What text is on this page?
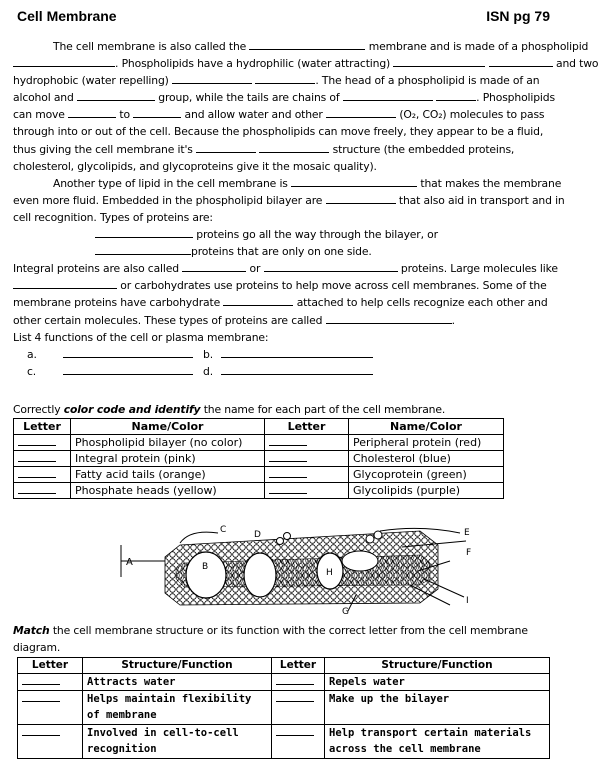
Cell Membrane	ISN pg 79
The cell membrane is also called the	membrane and is made of a phospholipid
. Phospholipids have a hydrophilic (water attracting)	and two
hydrophobic (water repelling)	. The head of a phospholipid is made of an
alcohol and	group, while the tails are chains of	. Phospholipids
can move	to	and allow water and other	(O₂, CO₂) molecules to pass
through into or out of the cell. Because the phospholipids can move freely, they appear to be a fluid,
thus giving the cell membrane it's	structure (the embedded proteins,
cholesterol, glycolipids, and glycoproteins give it the mosaic quality).
Another type of lipid in the cell membrane is	that makes the membrane
even more fluid. Embedded in the phospholipid bilayer are	that also aid in transport and in
cell recognition. Types of proteins are:
proteins go all the way through the bilayer, or
proteins that are only on one side.
Integral proteins are also called	or	proteins. Large molecules like
or carbohydrates use proteins to help move across cell membranes. Some of the
membrane proteins have carbohydrate	attached to help cells recognize each other and
other certain molecules. These types of proteins are called	.
List 4 functions of the cell or plasma membrane:
a.	b.
c.	d.
Correctly color code and identify the name for each part of the cell membrane.
Letter	Name/Color	Letter	Name/Color
	Phospholipid bilayer (no color)		Peripheral protein (red)
	Integral protein (pink)		Cholesterol (blue)
	Fatty acid tails (orange)		Glycoprotein (green)
	Phosphate heads (yellow)		Glycolipids (purple)
A	B
C	D	E
F
G
H
I
Match the cell membrane structure or its function with the correct letter from the cell membrane
diagram.
Letter	Structure/Function	Letter	Structure/Function
	Attracts water		Repels water
	Helps maintain flexibility of membrane		Make up the bilayer
	Involved in cell-to-cell recognition		Help transport certain materials across the cell membrane
